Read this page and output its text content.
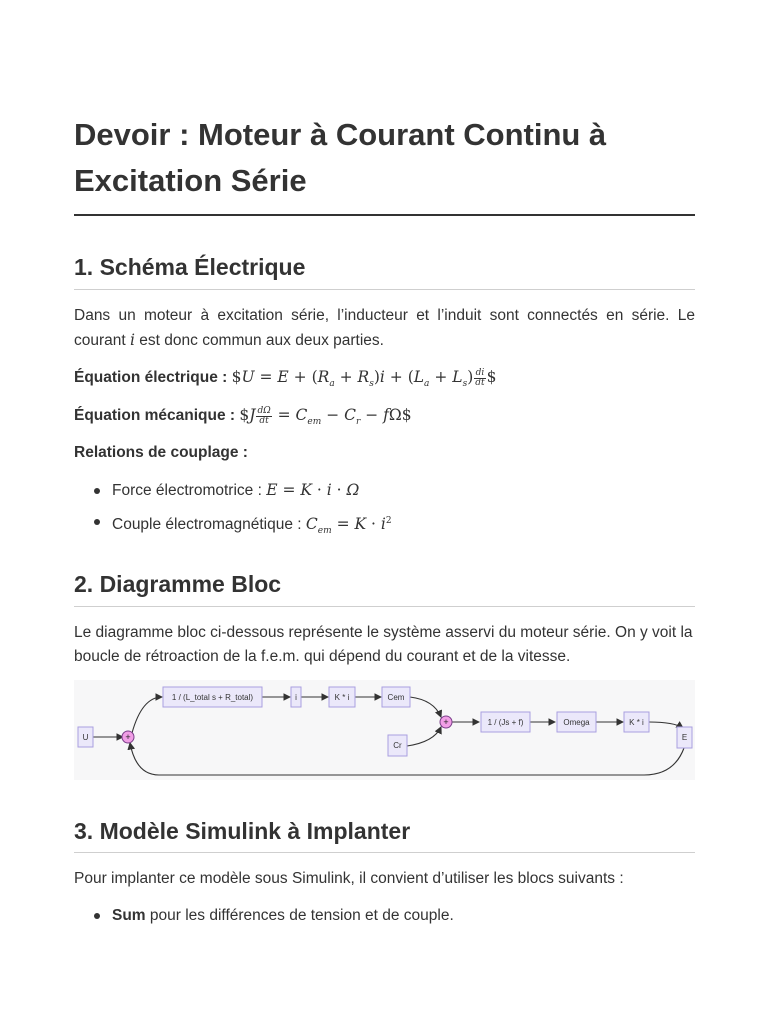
Devoir : Moteur à Courant Continu à Excitation Série
1. Schéma Électrique

Dans un moteur à excitation série, l’inducteur et l’induit sont connectés en série. Le courant i est donc commun aux deux parties.

Équation électrique : $U = $E + (R_a + R_s)i + (L_a + L_s) \frac{di}{dt}$ $

Équation mécanique : $J $\frac{d\Omega}{dt} = C_{em} - C_r$ − fΩ$

Relations de couplage :

Force électromotrice : E = K · i · Ω
Couple électromagnétique : $C_{em} = K \cdot i^2$
2. Diagramme Bloc

Le diagramme bloc ci-dessous représente le système asservi du moteur série. On y voit la boucle de rétroaction de la f.e.m. qui dépend du courant et de la vitesse.

U	+
1 / (L_total s + R_total)	i	K * i	Cem
Cr
+	1 / (Js + f)	Omega	K * i
E
3. Modèle Simulink à Implanter

Pour implanter ce modèle sous Simulink, il convient d’utiliser les blocs suivants :

Sum pour les différences de tension et de couple.
